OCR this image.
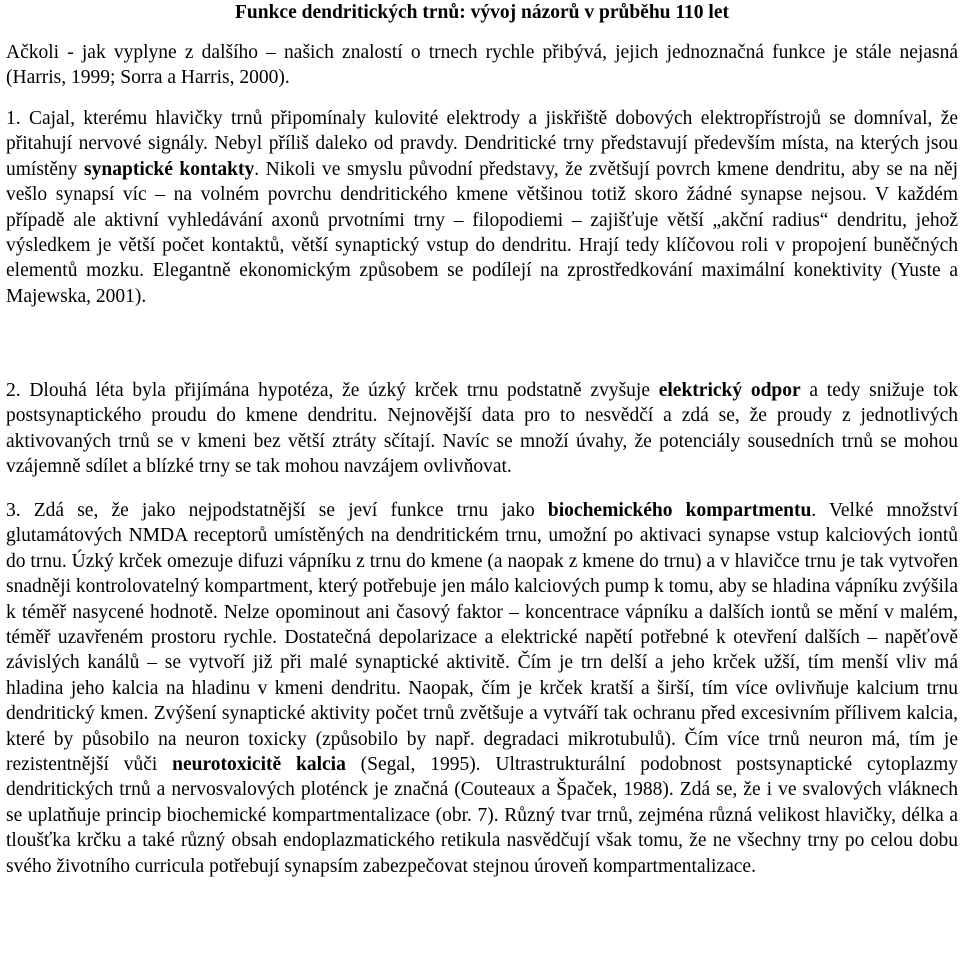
Funkce dendritických trnů: vývoj názorů v průběhu 110 let

Ačkoli - jak vyplyne z dalšího – našich znalostí o trnech rychle přibývá, jejich jednoznačná funkce je stále nejasná (Harris, 1999; Sorra a Harris, 2000).

1. Cajal, kterému hlavičky trnů připomínaly kulovité elektrody a jiskřiště dobových elektropřístrojů se domníval, že přitahují nervové signály. Nebyl příliš daleko od pravdy. Dendritické trny představují především místa, na kterých jsou umístěny synaptické kontakty. Nikoli ve smyslu původní představy, že zvětšují povrch kmene dendritu, aby se na něj vešlo synapsí víc – na volném povrchu dendritického kmene většinou totiž skoro žádné synapse nejsou. V každém případě ale aktivní vyhledávání axonů prvotními trny – filopodiemi – zajišťuje větší „akční radius“ dendritu, jehož výsledkem je větší počet kontaktů, větší synaptický vstup do dendritu. Hrají tedy klíčovou roli v propojení buněčných elementů mozku. Elegantně ekonomickým způsobem se podílejí na zprostředkování maximální konektivity (Yuste a Majewska, 2001).

2. Dlouhá léta byla přijímána hypotéza, že úzký krček trnu podstatně zvyšuje elektrický odpor a tedy snižuje tok postsynaptického proudu do kmene dendritu. Nejnovější data pro to nesvědčí a zdá se, že proudy z jednotlivých aktivovaných trnů se v kmeni bez větší ztráty sčítají. Navíc se množí úvahy, že potenciály sousedních trnů se mohou vzájemně sdílet a blízké trny se tak mohou navzájem ovlivňovat.

3. Zdá se, že jako nejpodstatnější se jeví funkce trnu jako biochemického kompartmentu. Velké množství glutamátových NMDA receptorů umístěných na dendritickém trnu, umožní po aktivaci synapse vstup kalciových iontů do trnu. Úzký krček omezuje difuzi vápníku z trnu do kmene (a naopak z kmene do trnu) a v hlavičce trnu je tak vytvořen snadněji kontrolovatelný kompartment, který potřebuje jen málo kalciových pump k tomu, aby se hladina vápníku zvýšila k téměř nasycené hodnotě. Nelze opominout ani časový faktor – koncentrace vápníku a dalších iontů se mění v malém, téměř uzavřeném prostoru rychle. Dostatečná depolarizace a elektrické napětí potřebné k otevření dalších – napěťově závislých kanálů – se vytvoří již při malé synaptické aktivitě. Čím je trn delší a jeho krček užší, tím menší vliv má hladina jeho kalcia na hladinu v kmeni dendritu. Naopak, čím je krček kratší a širší, tím více ovlivňuje kalcium trnu dendritický kmen. Zvýšení synaptické aktivity počet trnů zvětšuje a vytváří tak ochranu před excesivním přílivem kalcia, které by působilo na neuron toxicky (způsobilo by např. degradaci mikrotubulů). Čím více trnů neuron má, tím je rezistentnější vůči neurotoxicitě kalcia (Segal, 1995). Ultrastrukturální podobnost postsynaptické cytoplazmy dendritických trnů a nervosvalových ploténck je značná (Couteaux a Špaček, 1988). Zdá se, že i ve svalových vláknech se uplatňuje princip biochemické kompartmentalizace (obr. 7). Různý tvar trnů, zejména různá velikost hlavičky, délka a tloušťka krčku a také různý obsah endoplazmatického retikula nasvědčují však tomu, že ne všechny trny po celou dobu svého životního curricula potřebují synapsím zabezpečovat stejnou úroveň kompartmentalizace.
